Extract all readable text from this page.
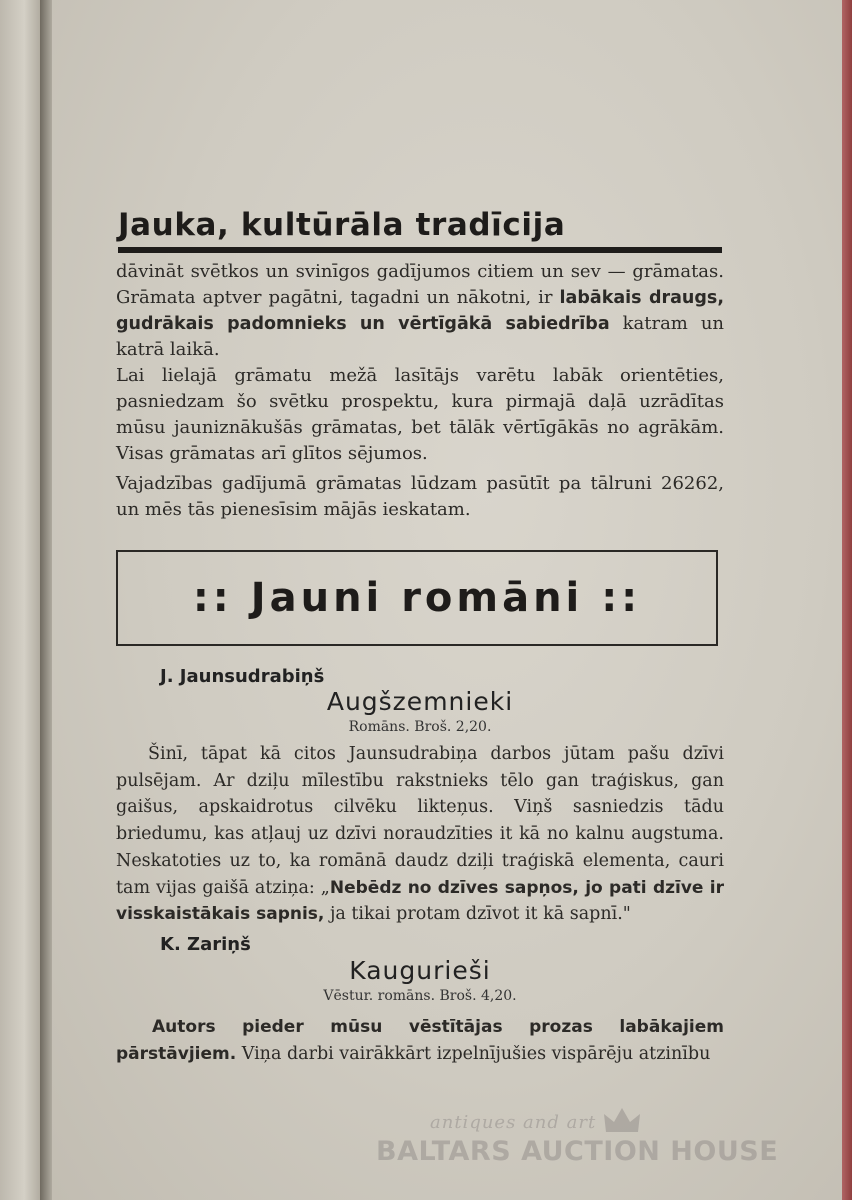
Jauka, kultūrāla tradīcija
dāvināt svētkos un svinīgos gadījumos citiem un sev — grāmatas. Grāmata aptver pagātni, tagadni un nākotni, ir labākais draugs, gudrākais padomnieks un vērtīgākā sabiedrība katram un katrā laikā.
Lai lielajā grāmatu mežā lasītājs varētu labāk orientēties, pasniedzam šo svētku prospektu, kura pirmajā daļā uzrādītas mūsu jauniznākušās grāmatas, bet tālāk vērtīgākās no agrākām. Visas grāmatas arī glītos sējumos.
Vajadzības gadījumā grāmatas lūdzam pasūtīt pa tālruni 26262, un mēs tās pienesīsim mājās ieskatam.
:: Jauni romāni ::
J. Jaunsudrabiņš
Augšzemnieki
Romāns. Broš. 2,20.
Šinī, tāpat kā citos Jaunsudrabiņa darbos jūtam pašu dzīvi pulsējam. Ar dziļu mīlestību rakstnieks tēlo gan traģiskus, gan gaišus, apskaidrotus cilvēku likteņus. Viņš sasniedzis tādu briedumu, kas atļauj uz dzīvi noraudzīties it kā no kalnu augstuma. Neskatoties uz to, ka romānā daudz dziļi traģiskā elementa, cauri tam vijas gaišā atziņa: „Nebēdz no dzīves sapņos, jo pati dzīve ir visskaistākais sapnis, ja tikai protam dzīvot it kā sapnī."
K. Zariņš
Kaugurieši
Vēstur. romāns. Broš. 4,20.
Autors pieder mūsu vēstītājas prozas labākajiem pārstāvjiem. Viņa darbi vairākkārt izpelnījušies vispārēju atzinību
antiques and art
BALTARS AUCTION HOUSE
